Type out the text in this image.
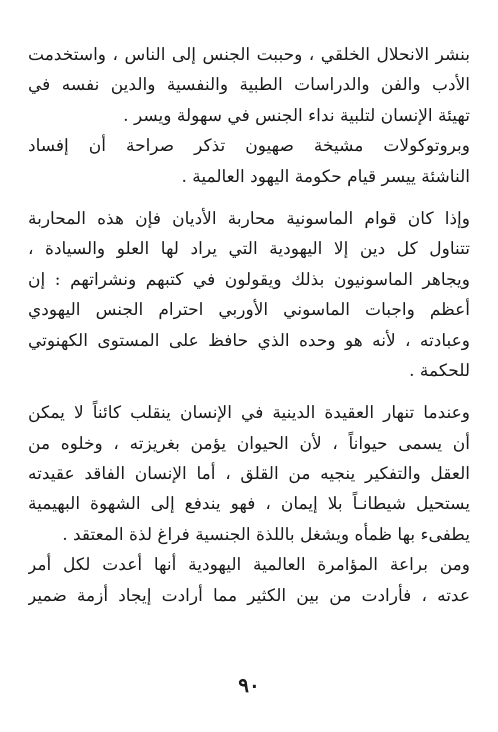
بنشر الانحلال الخلقي ، وحببت الجنس إلى الناس ، واستخدمت
الأدب والفن والدراسات الطبية والنفسية والدين نفسه في
تهيئة الإنسان لتلبية نداء الجنس في سهولة ويسر .
وبروتوكولات مشيخة صهيون تذكر صراحة أن إفساد
الناشئة ييسر قيام حكومة اليهود العالمية .
وإذا كان قوام الماسونية محاربة الأديان فإن هذه المحاربة
تتناول كل دين إلا اليهودية التي يراد لها العلو والسيادة ،
ويجاهر الماسونيون بذلك ويقولون في كتبهم ونشراتهم : إن
أعظم واجبات الماسوني الأوربي احترام الجنس اليهودي
وعبادته ، لأنه هو وحده الذي حافظ على المستوى الكهنوتي
للحكمة .
وعندما تنهار العقيدة الدينية في الإنسان ينقلب كائناً لا يمكن
أن يسمى حيواناً ، لأن الحيوان يؤمن بغريزته ، وخلوه من
العقل والتفكير ينجيه من القلق ، أما الإنسان الفاقد عقيدته
يستحيل شيطانـاً بلا إيمان ، فهو يندفع إلى الشهوة البهيمية
يطفىء بها ظمأه ويشغل باللذة الجنسية فراغ لذة المعتقد .
ومن براعة المؤامرة العالمية اليهودية أنها أعدت لكل أمر
عدته ، فأرادت من بين الكثير مما أرادت إيجاد أزمة ضمير
٩٠
